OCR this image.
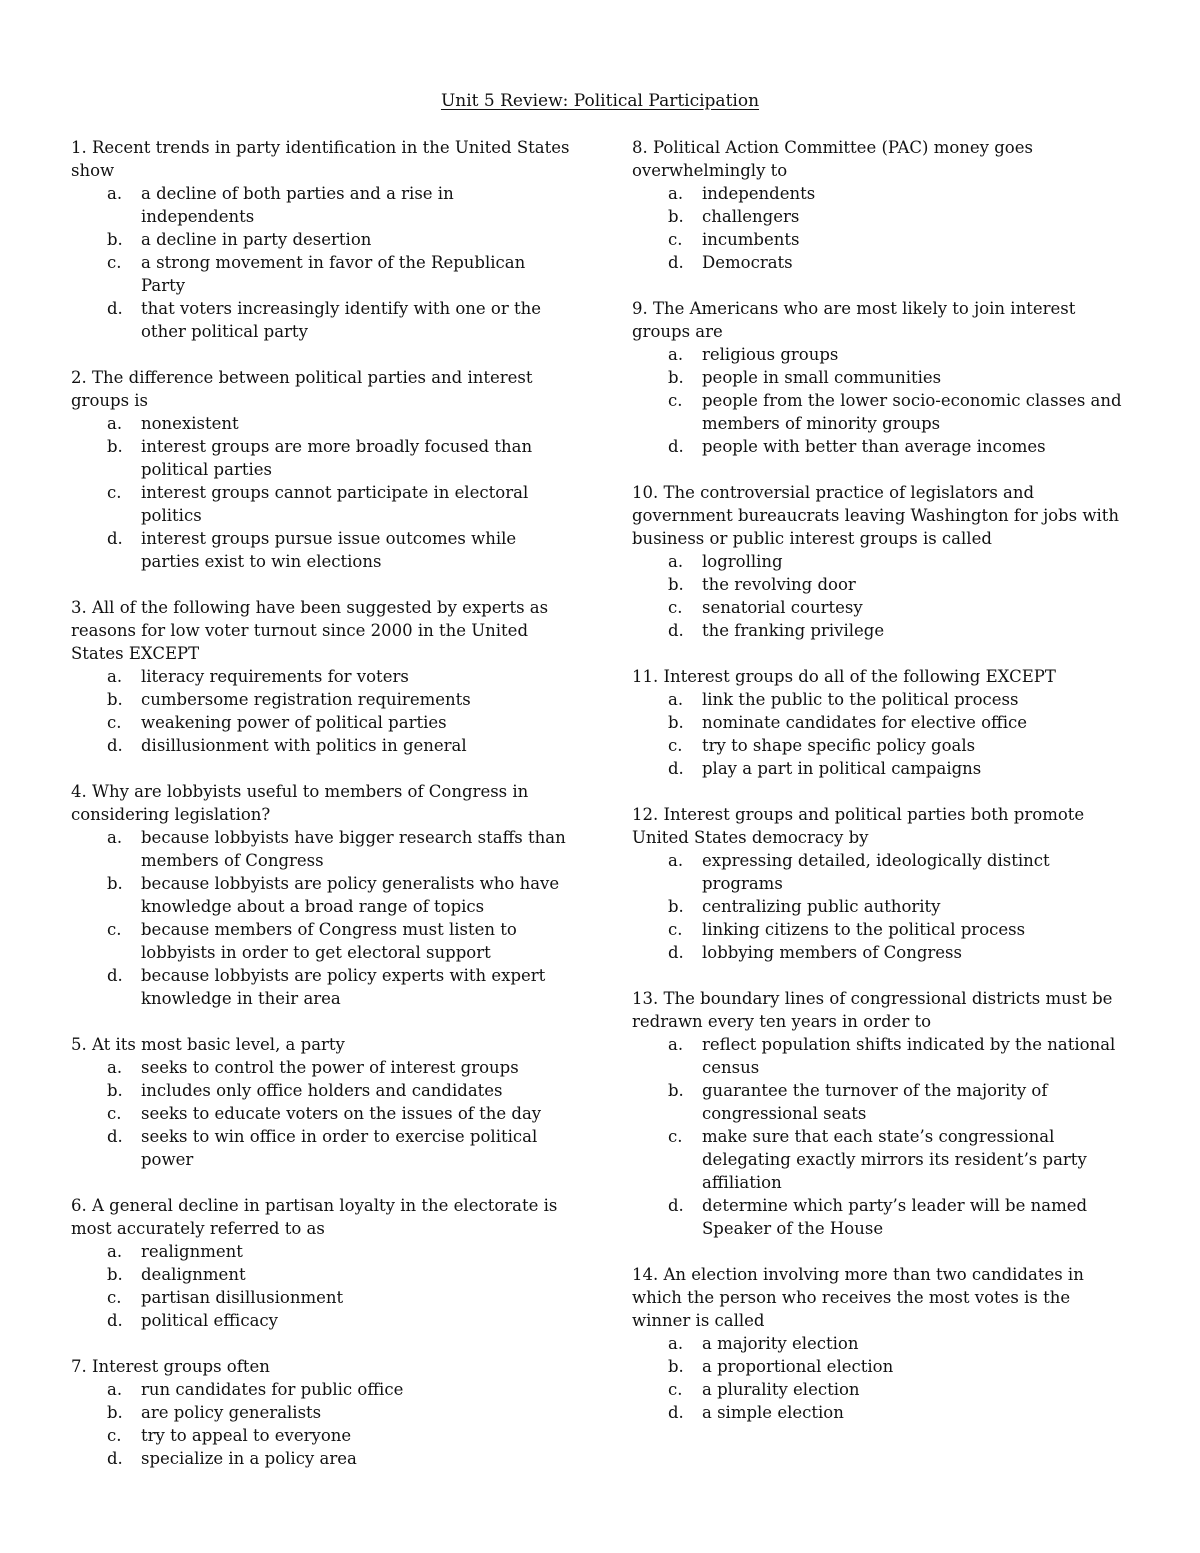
Unit 5 Review: Political Participation

1. Recent trends in party identification in the United States show

a. a decline of both parties and a rise in independents
b. a decline in party desertion
c. a strong movement in favor of the Republican Party
d. that voters increasingly identify with one or the other political party

2. The difference between political parties and interest groups is

a. nonexistent
b. interest groups are more broadly focused than political parties
c. interest groups cannot participate in electoral politics
d. interest groups pursue issue outcomes while parties exist to win elections

3. All of the following have been suggested by experts as reasons for low voter turnout since 2000 in the United States EXCEPT

a. literacy requirements for voters
b. cumbersome registration requirements
c. weakening power of political parties
d. disillusionment with politics in general

4. Why are lobbyists useful to members of Congress in considering legislation?

a. because lobbyists have bigger research staffs than members of Congress
b. because lobbyists are policy generalists who have knowledge about a broad range of topics
c. because members of Congress must listen to lobbyists in order to get electoral support
d. because lobbyists are policy experts with expert knowledge in their area

5. At its most basic level, a party

a. seeks to control the power of interest groups
b. includes only office holders and candidates
c. seeks to educate voters on the issues of the day
d. seeks to win office in order to exercise political power

6. A general decline in partisan loyalty in the electorate is most accurately referred to as

a. realignment
b. dealignment
c. partisan disillusionment
d. political efficacy

7. Interest groups often

a. run candidates for public office
b. are policy generalists
c. try to appeal to everyone
d. specialize in a policy area

8. Political Action Committee (PAC) money goes overwhelmingly to

a. independents
b. challengers
c. incumbents
d. Democrats

9. The Americans who are most likely to join interest groups are

a. religious groups
b. people in small communities
c. people from the lower socio-economic classes and members of minority groups
d. people with better than average incomes

10. The controversial practice of legislators and government bureaucrats leaving Washington for jobs with business or public interest groups is called

a. logrolling
b. the revolving door
c. senatorial courtesy
d. the franking privilege

11. Interest groups do all of the following EXCEPT

a. link the public to the political process
b. nominate candidates for elective office
c. try to shape specific policy goals
d. play a part in political campaigns

12. Interest groups and political parties both promote United States democracy by

a. expressing detailed, ideologically distinct programs
b. centralizing public authority
c. linking citizens to the political process
d. lobbying members of Congress

13. The boundary lines of congressional districts must be redrawn every ten years in order to

a. reflect population shifts indicated by the national census
b. guarantee the turnover of the majority of congressional seats
c. make sure that each state’s congressional delegating exactly mirrors its resident’s party affiliation
d. determine which party’s leader will be named Speaker of the House

14. An election involving more than two candidates in which the person who receives the most votes is the winner is called

a. a majority election
b. a proportional election
c. a plurality election
d. a simple election
